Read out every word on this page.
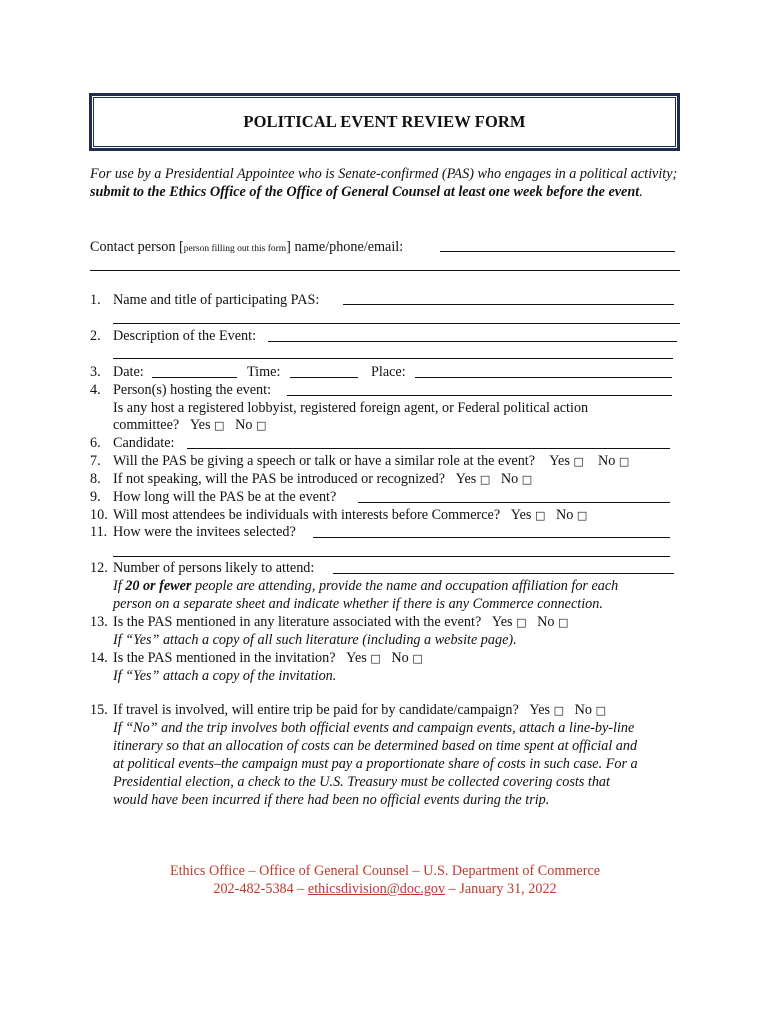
POLITICAL EVENT REVIEW FORM
For use by a Presidential Appointee who is Senate-confirmed (PAS) who engages in a political activity; submit to the Ethics Office of the Office of General Counsel at least one week before the event.
Contact person [person filling out this form] name/phone/email:
1. Name and title of participating PAS:
2. Description of the Event:
3. Date:	Time:	Place:
4. Person(s) hosting the event:
Is any host a registered lobbyist, registered foreign agent, or Federal political action
committee? Yes □ No □
6. Candidate:
7. Will the PAS be giving a speech or talk or have a similar role at the event? Yes □ No □
8. If not speaking, will the PAS be introduced or recognized? Yes □ No □
9. How long will the PAS be at the event?
10. Will most attendees be individuals with interests before Commerce? Yes □ No □
11. How were the invitees selected?
12. Number of persons likely to attend:
If 20 or fewer people are attending, provide the name and occupation affiliation for each
person on a separate sheet and indicate whether if there is any Commerce connection.
13. Is the PAS mentioned in any literature associated with the event? Yes □ No □
If “Yes” attach a copy of all such literature (including a website page).
14. Is the PAS mentioned in the invitation? Yes □ No □
If “Yes” attach a copy of the invitation.
15. If travel is involved, will entire trip be paid for by candidate/campaign? Yes □ No □
If “No” and the trip involves both official events and campaign events, attach a line-by-line
itinerary so that an allocation of costs can be determined based on time spent at official and
at political events–the campaign must pay a proportionate share of costs in such case. For a
Presidential election, a check to the U.S. Treasury must be collected covering costs that
would have been incurred if there had been no official events during the trip.
Ethics Office – Office of General Counsel – U.S. Department of Commerce
202-482-5384 – ethicsdivision@doc.gov – January 31, 2022
